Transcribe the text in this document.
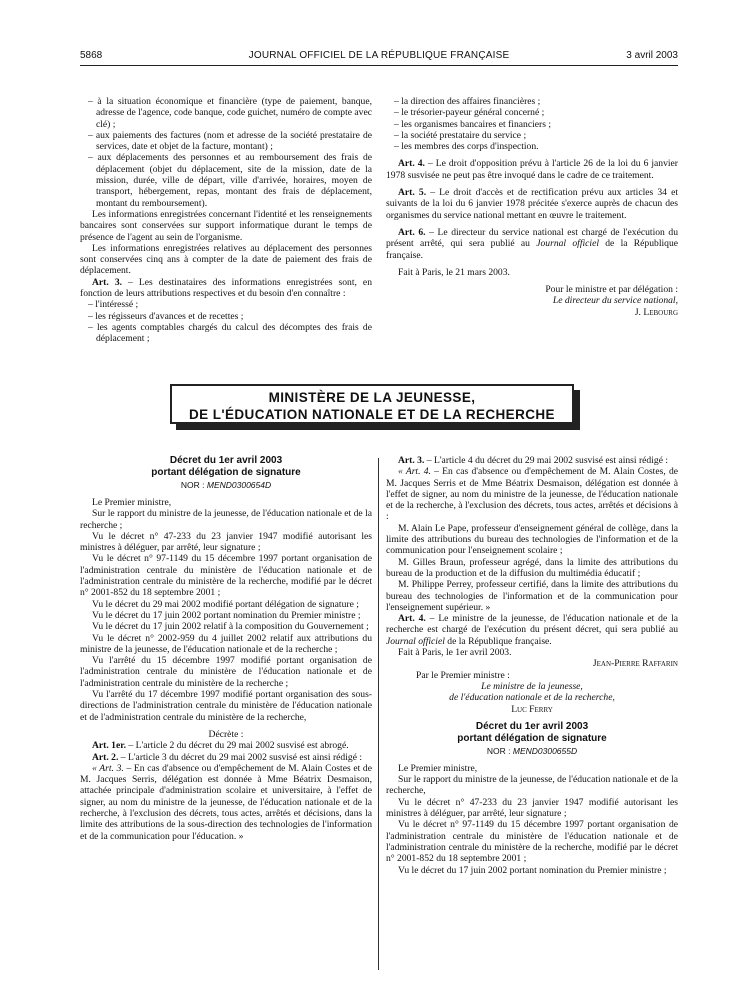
5868	JOURNAL OFFICIEL DE LA RÉPUBLIQUE FRANÇAISE	3 avril 2003

– à la situation économique et financière (type de paiement, banque, adresse de l'agence, code banque, code guichet, numéro de compte avec clé) ;

– aux paiements des factures (nom et adresse de la société prestataire de services, date et objet de la facture, montant) ;

– aux déplacements des personnes et au remboursement des frais de déplacement (objet du déplacement, site de la mission, date de la mission, durée, ville de départ, ville d'arrivée, horaires, moyen de transport, hébergement, repas, montant des frais de déplacement, montant du remboursement).

Les informations enregistrées concernant l'identité et les renseignements bancaires sont conservées sur support informatique durant le temps de présence de l'agent au sein de l'organisme.

Les informations enregistrées relatives au déplacement des personnes sont conservées cinq ans à compter de la date de paiement des frais de déplacement.

Art. 3. – Les destinataires des informations enregistrées sont, en fonction de leurs attributions respectives et du besoin d'en connaître :

– l'intéressé ;

– les régisseurs d'avances et de recettes ;

– les agents comptables chargés du calcul des décomptes des frais de déplacement ;

– la direction des affaires financières ;

– le trésorier-payeur général concerné ;

– les organismes bancaires et financiers ;

– la société prestataire du service ;

– les membres des corps d'inspection.

Art. 4. – Le droit d'opposition prévu à l'article 26 de la loi du 6 janvier 1978 susvisée ne peut pas être invoqué dans le cadre de ce traitement.

Art. 5. – Le droit d'accès et de rectification prévu aux articles 34 et suivants de la loi du 6 janvier 1978 précitée s'exerce auprès de chacun des organismes du service national mettant en œuvre le traitement.

Art. 6. – Le directeur du service national est chargé de l'exécution du présent arrêté, qui sera publié au Journal officiel de la République française.

Fait à Paris, le 21 mars 2003.

Pour le ministre et par délégation :

Le directeur du service national,

J. Lebourg

MINISTÈRE DE LA JEUNESSE,
DE L'ÉDUCATION NATIONALE ET DE LA RECHERCHE
Décret du 1er avril 2003
portant délégation de signature
NOR : MEND0300654D

Le Premier ministre,

Sur le rapport du ministre de la jeunesse, de l'éducation nationale et de la recherche ;

Vu le décret n° 47-233 du 23 janvier 1947 modifié autorisant les ministres à déléguer, par arrêté, leur signature ;

Vu le décret n° 97-1149 du 15 décembre 1997 portant organisation de l'administration centrale du ministère de l'éducation nationale et de l'administration centrale du ministère de la recherche, modifié par le décret n° 2001-852 du 18 septembre 2001 ;

Vu le décret du 29 mai 2002 modifié portant délégation de signature ;

Vu le décret du 17 juin 2002 portant nomination du Premier ministre ;

Vu le décret du 17 juin 2002 relatif à la composition du Gouvernement ;

Vu le décret n° 2002-959 du 4 juillet 2002 relatif aux attributions du ministre de la jeunesse, de l'éducation nationale et de la recherche ;

Vu l'arrêté du 15 décembre 1997 modifié portant organisation de l'administration centrale du ministère de l'éducation nationale et de l'administration centrale du ministère de la recherche ;

Vu l'arrêté du 17 décembre 1997 modifié portant organisation des sous-directions de l'administration centrale du ministère de l'éducation nationale et de l'administration centrale du ministère de la recherche,

Décrète :

Art. 1er. – L'article 2 du décret du 29 mai 2002 susvisé est abrogé.

Art. 2. – L'article 3 du décret du 29 mai 2002 susvisé est ainsi rédigé :

« Art. 3. – En cas d'absence ou d'empêchement de M. Alain Costes et de M. Jacques Serris, délégation est donnée à Mme Béatrix Desmaison, attachée principale d'administration scolaire et universitaire, à l'effet de signer, au nom du ministre de la jeunesse, de l'éducation nationale et de la recherche, à l'exclusion des décrets, tous actes, arrêtés et décisions, dans la limite des attributions de la sous-direction des technologies de l'information et de la communication pour l'éducation. »

Art. 3. – L'article 4 du décret du 29 mai 2002 susvisé est ainsi rédigé :

« Art. 4. – En cas d'absence ou d'empêchement de M. Alain Costes, de M. Jacques Serris et de Mme Béatrix Desmaison, délégation est donnée à l'effet de signer, au nom du ministre de la jeunesse, de l'éducation nationale et de la recherche, à l'exclusion des décrets, tous actes, arrêtés et décisions à :

M. Alain Le Pape, professeur d'enseignement général de collège, dans la limite des attributions du bureau des technologies de l'information et de la communication pour l'enseignement scolaire ;

M. Gilles Braun, professeur agrégé, dans la limite des attributions du bureau de la production et de la diffusion du multimédia éducatif ;

M. Philippe Perrey, professeur certifié, dans la limite des attributions du bureau des technologies de l'information et de la communication pour l'enseignement supérieur. »

Art. 4. – Le ministre de la jeunesse, de l'éducation nationale et de la recherche est chargé de l'exécution du présent décret, qui sera publié au Journal officiel de la République française.

Fait à Paris, le 1er avril 2003.

Jean-Pierre Raffarin

Par le Premier ministre :

Le ministre de la jeunesse,

de l'éducation nationale et de la recherche,

Luc Ferry

Décret du 1er avril 2003
portant délégation de signature
NOR : MEND0300655D

Le Premier ministre,

Sur le rapport du ministre de la jeunesse, de l'éducation nationale et de la recherche,

Vu le décret n° 47-233 du 23 janvier 1947 modifié autorisant les ministres à déléguer, par arrêté, leur signature ;

Vu le décret n° 97-1149 du 15 décembre 1997 portant organisation de l'administration centrale du ministère de l'éducation nationale et de l'administration centrale du ministère de la recherche, modifié par le décret n° 2001-852 du 18 septembre 2001 ;

Vu le décret du 17 juin 2002 portant nomination du Premier ministre ;
